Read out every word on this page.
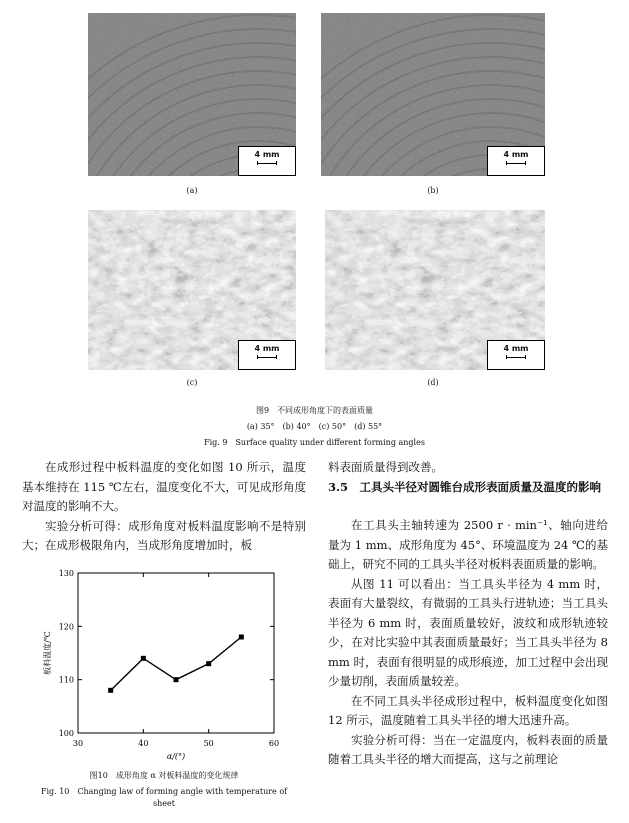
4 mm
(a)
4 mm
(b)
4 mm
(c)
4 mm
(d)
图9　不同成形角度下的表面质量
(a) 35°　(b) 40°　(c) 50°　(d) 55°
Fig. 9　Surface quality under different forming angles

在成形过程中板料温度的变化如图 10 所示，温度基本维持在 115 ℃左右，温度变化不大，可见成形角度对温度的影响不大。

实验分析可得：成形角度对板料温度影响不是特别大；在成形极限角内，当成形角度增加时，板

30	40	50	60
100
110
120
130
α/(°)
板料温度/℃
图10　成形角度 α 对板料温度的变化规律
Fig. 10　Changing law of forming angle with temperature of sheet
料表面质量得到改善。
3.5　工具头半径对圆锥台成形表面质量及温度的影响

在工具头主轴转速为 2500 r · min⁻¹、轴向进给量为 1 mm、成形角度为 45°、环境温度为 24 ℃的基础上，研究不同的工具头半径对板料表面质量的影响。

从图 11 可以看出：当工具头半径为 4 mm 时，表面有大量裂纹，有微弱的工具头行进轨迹；当工具头半径为 6 mm 时，表面质量较好，波纹和成形轨迹较少，在对比实验中其表面质量最好；当工具头半径为 8 mm 时，表面有很明显的成形痕迹，加工过程中会出现少量切削，表面质量较差。

在不同工具头半径成形过程中，板料温度变化如图 12 所示，温度随着工具头半径的增大迅速升高。

实验分析可得：当在一定温度内，板料表面的质量随着工具头半径的增大而提高，这与之前理论
